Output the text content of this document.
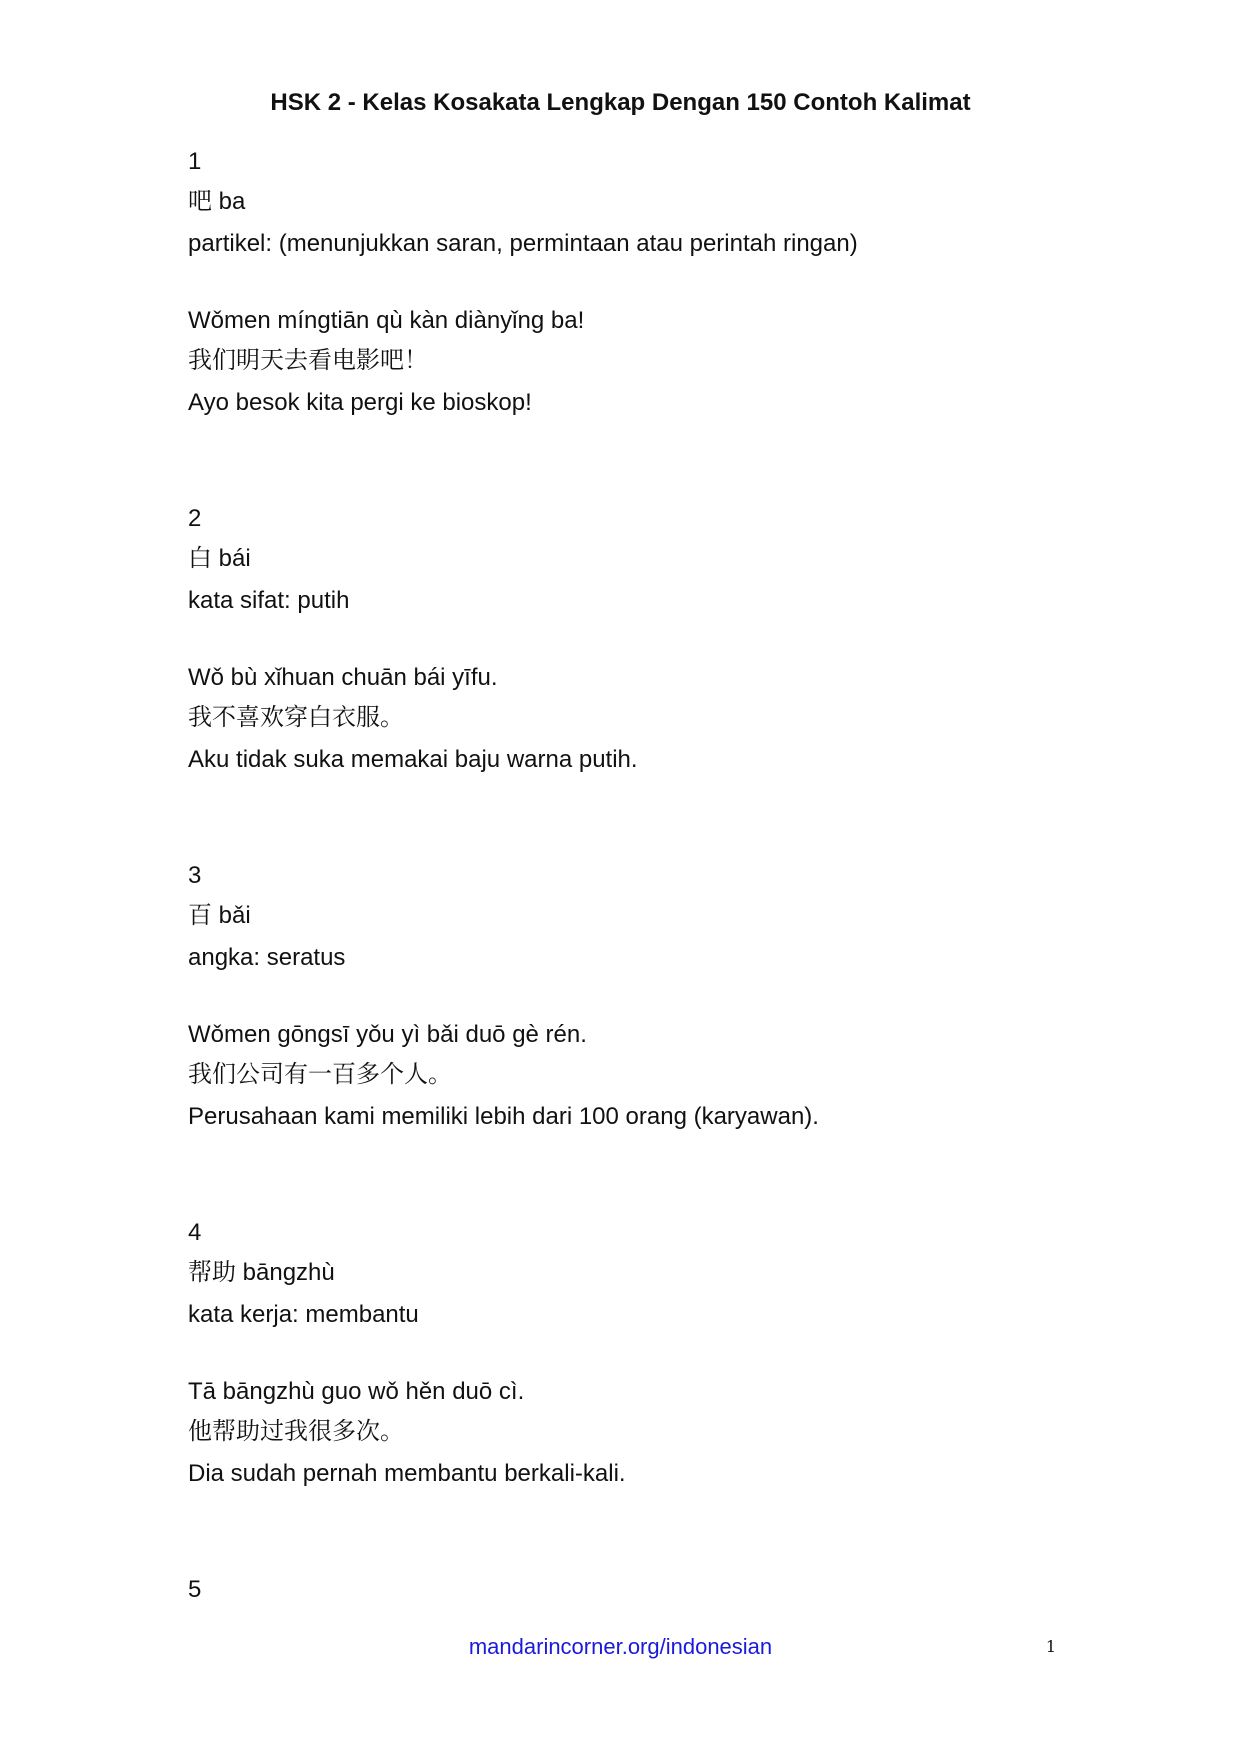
HSK 2 - Kelas Kosakata Lengkap Dengan 150 Contoh Kalimat
1
吧 ba
partikel: (menunjukkan saran, permintaan atau perintah ringan)
Wǒmen míngtiān qù kàn diànyǐng ba!
我们明天去看电影吧！
Ayo besok kita pergi ke bioskop!
2
白 bái
kata sifat: putih
Wǒ bù xǐhuan chuān bái yīfu.
我不喜欢穿白衣服。
Aku tidak suka memakai baju warna putih.
3
百 bǎi
angka: seratus
Wǒmen gōngsī yǒu yì bǎi duō gè rén.
我们公司有一百多个人。
Perusahaan kami memiliki lebih dari 100 orang (karyawan).
4
帮助 bāngzhù
kata kerja: membantu
Tā bāngzhù guo wǒ hěn duō cì.
他帮助过我很多次。
Dia sudah pernah membantu berkali-kali.
5
mandarincorner.org/indonesian	1
